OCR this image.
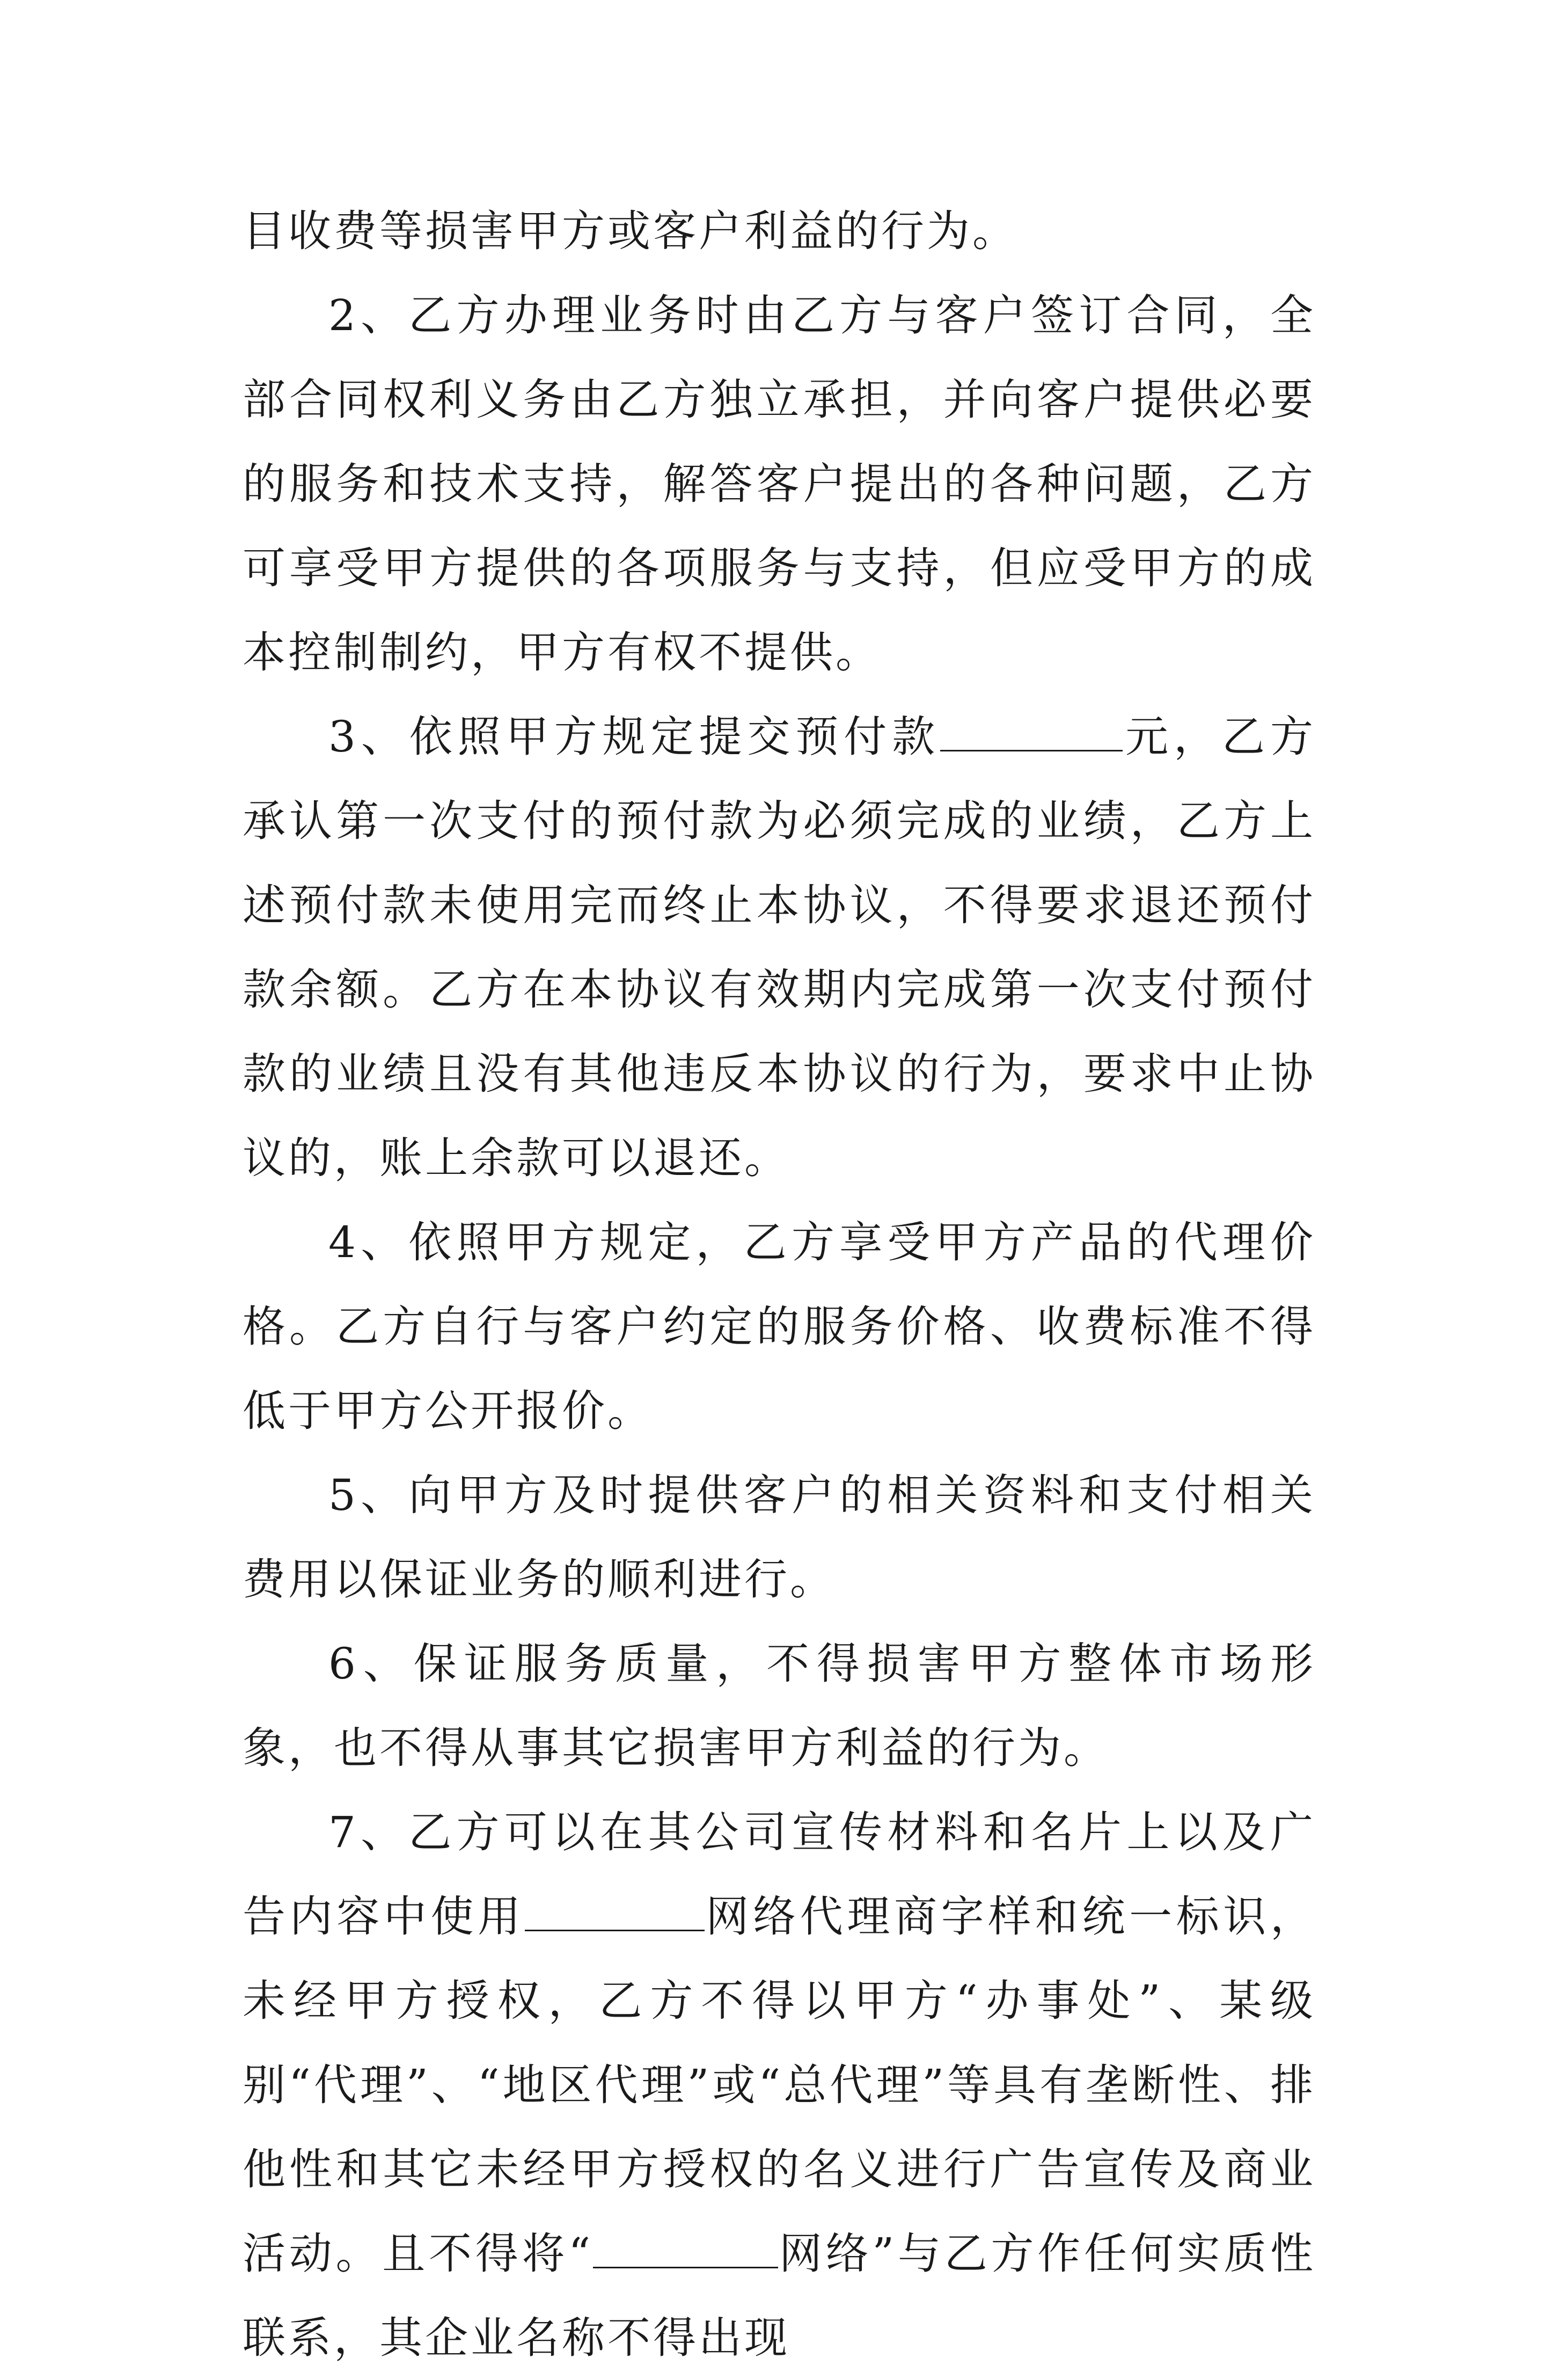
目收费等损害甲方或客户利益的行为。

2、乙方办理业务时由乙方与客户签订合同，全部合同权利义务由乙方独立承担，并向客户提供必要的服务和技术支持，解答客户提出的各种问题，乙方可享受甲方提供的各项服务与支持，但应受甲方的成本控制制约，甲方有权不提供。

3、依照甲方规定提交预付款	元，乙方承认第一次支付的预付款为必须完成的业绩，乙方上述预付款未使用完而终止本协议，不得要求退还预付款余额。乙方在本协议有效期内完成第一次支付预付款的业绩且没有其他违反本协议的行为，要求中止协议的，账上余款可以退还。

4、依照甲方规定，乙方享受甲方产品的代理价格。乙方自行与客户约定的服务价格、收费标准不得低于甲方公开报价。

5、向甲方及时提供客户的相关资料和支付相关费用以保证业务的顺利进行。

6、保证服务质量，不得损害甲方整体市场形象，也不得从事其它损害甲方利益的行为。

7、乙方可以在其公司宣传材料和名片上以及广告内容中使用	网络代理商字样和统一标识，未经甲方授权，乙方不得以甲方“办事处”、某级别“代理”、“地区代理”或“总代理”等具有垄断性、排他性和其它未经甲方授权的名义进行广告宣传及商业活动。且不得将“	网络”与乙方作任何实质性联系，其企业名称不得出现
